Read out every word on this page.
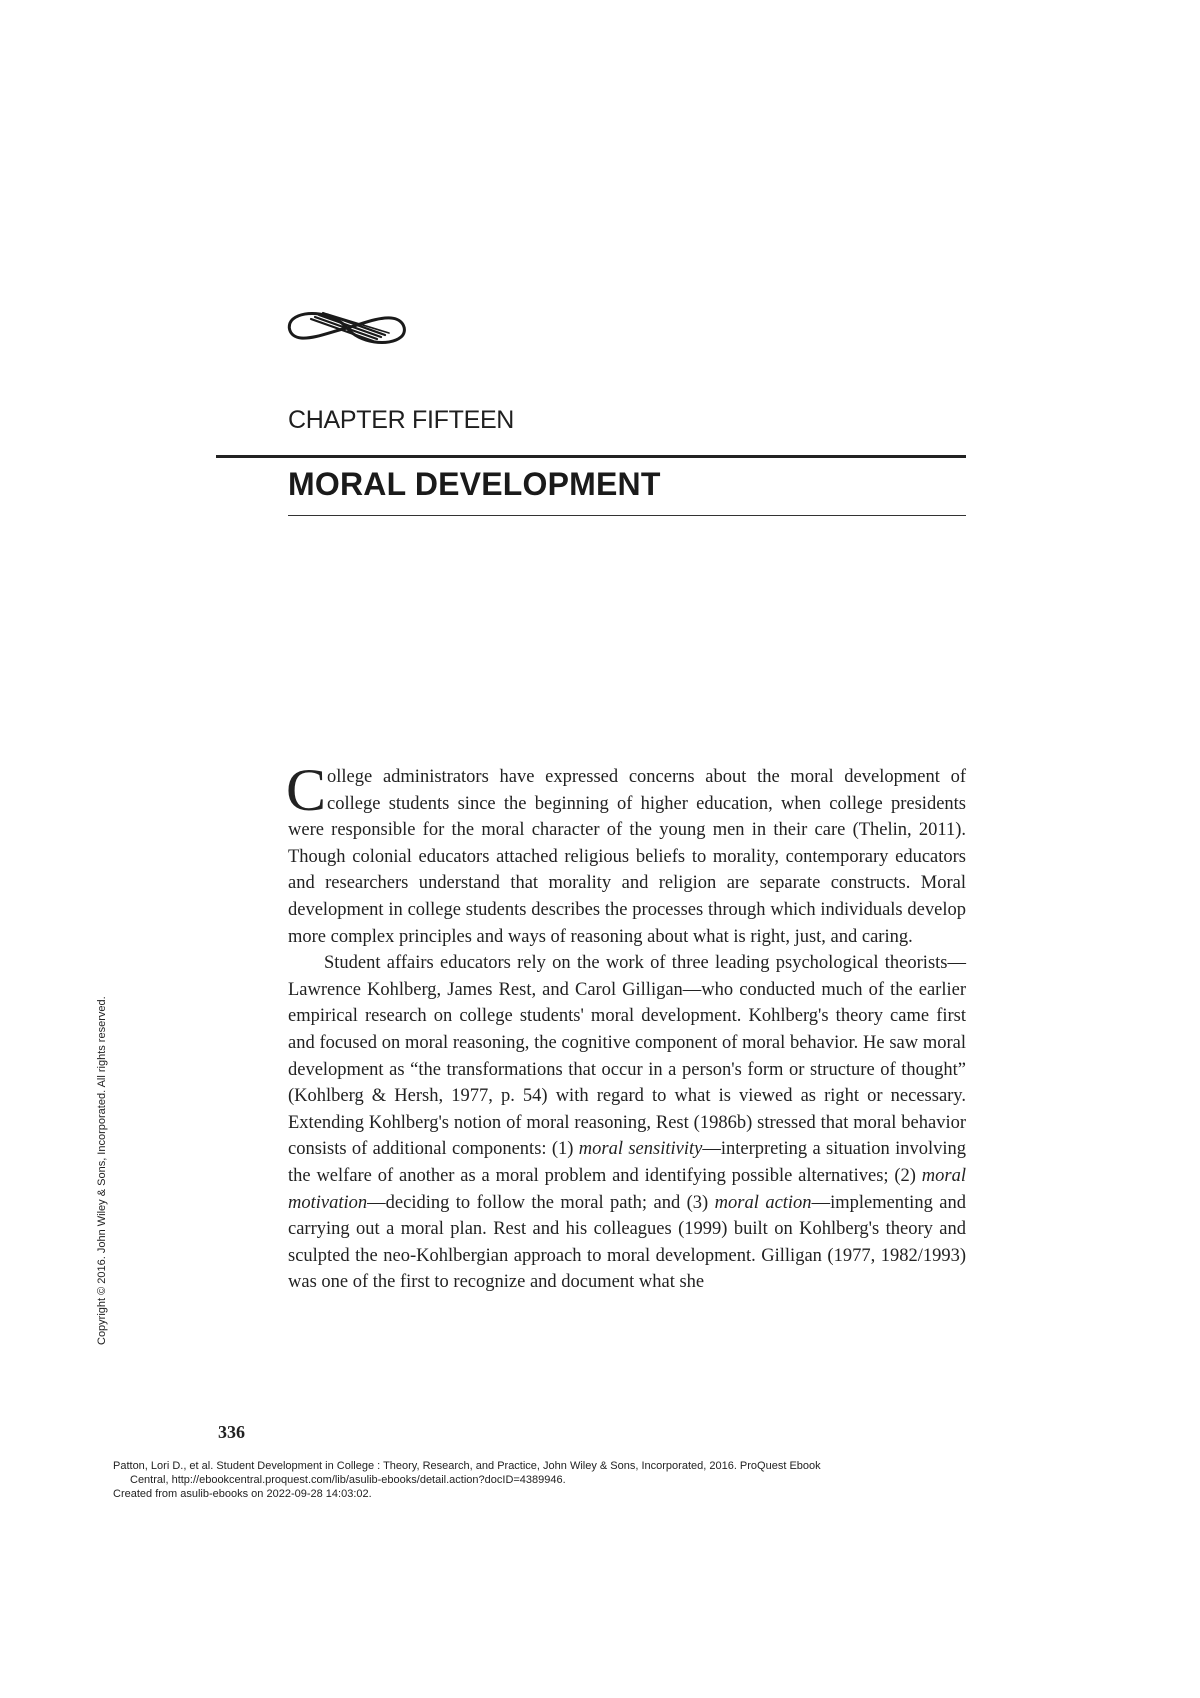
CHAPTER FIFTEEN
MORAL DEVELOPMENT

College administrators have expressed concerns about the moral development of college students since the beginning of higher education, when college presidents were responsible for the moral character of the young men in their care (Thelin, 2011). Though colonial educators attached religious beliefs to morality, contemporary educators and researchers understand that morality and religion are separate constructs. Moral development in college students describes the processes through which individuals develop more complex principles and ways of reasoning about what is right, just, and caring.

Student affairs educators rely on the work of three leading psychological theorists—Lawrence Kohlberg, James Rest, and Carol Gilligan—who conducted much of the earlier empirical research on college students' moral development. Kohlberg's theory came first and focused on moral reasoning, the cognitive component of moral behavior. He saw moral development as “the transformations that occur in a person's form or structure of thought” (Kohlberg & Hersh, 1977, p. 54) with regard to what is viewed as right or necessary. Extending Kohlberg's notion of moral reasoning, Rest (1986b) stressed that moral behavior consists of additional components: (1) moral sensitivity—interpreting a situation involving the welfare of another as a moral problem and identifying possible alternatives; (2) moral motivation—deciding to follow the moral path; and (3) moral action—implementing and carrying out a moral plan. Rest and his colleagues (1999) built on Kohlberg's theory and sculpted the neo-Kohlbergian approach to moral development. Gilligan (1977, 1982/1993) was one of the first to recognize and document what she

Copyright © 2016. John Wiley & Sons, Incorporated. All rights reserved.
336
Patton, Lori D., et al. Student Development in College : Theory, Research, and Practice, John Wiley & Sons, Incorporated, 2016. ProQuest Ebook
Central, http://ebookcentral.proquest.com/lib/asulib-ebooks/detail.action?docID=4389946.
Created from asulib-ebooks on 2022-09-28 14:03:02.
